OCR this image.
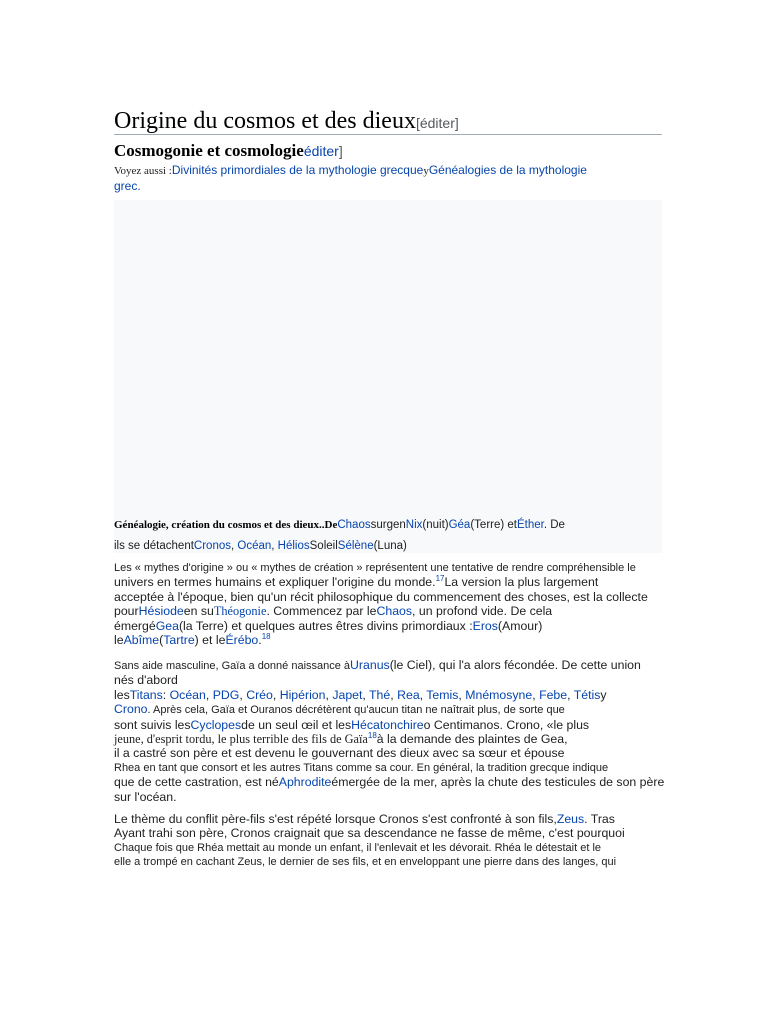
Origine du cosmos et des dieux[éditer]
Cosmogonie et cosmologieéditer]
Voyez aussi :Divinités primordiales de la mythologie grecqueyGénéalogies de la mythologie
grec.
Généalogie, création du cosmos et des dieux..DeChaossurgenNix(nuit)Géa(Terre) etÉther. De
ils se détachentCronos, Océan, HéliosSoleilSélène(Luna)
Les « mythes d'origine » ou « mythes de création » représentent une tentative de rendre compréhensible le
univers en termes humains et expliquer l'origine du monde.$^{17}$La version la plus largement
acceptée à l'époque, bien qu'un récit philosophique du commencement des choses, est la collecte
pourHésiodeen suThéogonie. Commencez par leChaos, un profond vide. De cela
émergéGea(la Terre) et quelques autres êtres divins primordiaux :Eros(Amour)
leAbîme(Tartre) et leÉrébo.$^{18}$
Sans aide masculine, Gaïa a donné naissance àUranus(le Ciel), qui l'a alors fécondée. De cette union
nés d'abord
lesTitans: Océan, PDG, Créo, Hipérion, Japet, Thé, Rea, Temis, Mnémosyne, Febe, Tétisy
Crono. Après cela, Gaïa et Ouranos décrétèrent qu'aucun titan ne naîtrait plus, de sorte que
sont suivis lesCyclopesde un seul œil et lesHécatonchireo Centimanos. Crono, «le plus
jeune, d'esprit tordu, le plus terrible des fils de Gaïa$^{18}$à la demande des plaintes de Gea,
il a castré son père et est devenu le gouvernant des dieux avec sa sœur et épouse
Rhea en tant que consort et les autres Titans comme sa cour. En général, la tradition grecque indique
que de cette castration, est néAphroditeémergée de la mer, après la chute des testicules de son père
sur l'océan.
Le thème du conflit père-fils s'est répété lorsque Cronos s'est confronté à son fils,Zeus. Tras
Ayant trahi son père, Cronos craignait que sa descendance ne fasse de même, c'est pourquoi
Chaque fois que Rhéa mettait au monde un enfant, il l'enlevait et les dévorait. Rhéa le détestait et le
elle a trompé en cachant Zeus, le dernier de ses fils, et en enveloppant une pierre dans des langes, qui
